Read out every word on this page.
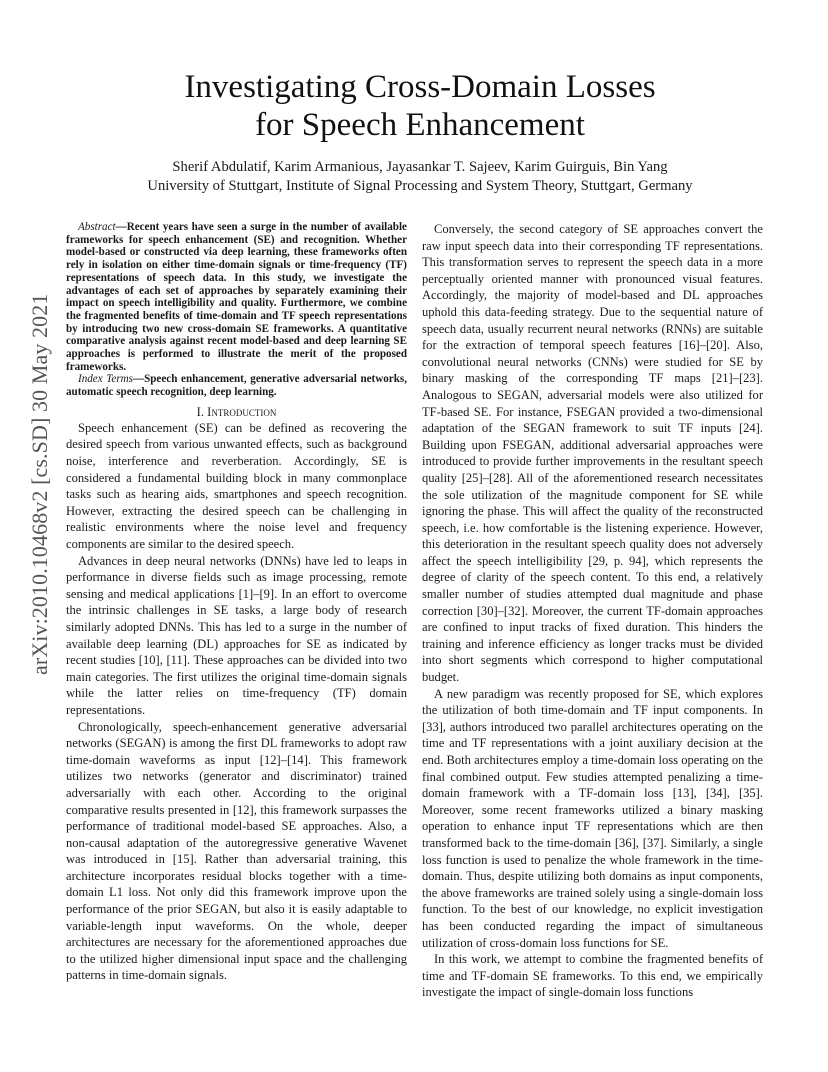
arXiv:2010.10468v2 [cs.SD] 30 May 2021
Investigating Cross-Domain Losses
for Speech Enhancement
Sherif Abdulatif, Karim Armanious, Jayasankar T. Sajeev, Karim Guirguis, Bin Yang
University of Stuttgart, Institute of Signal Processing and System Theory, Stuttgart, Germany

Abstract—Recent years have seen a surge in the number of available frameworks for speech enhancement (SE) and recognition. Whether model-based or constructed via deep learning, these frameworks often rely in isolation on either time-domain signals or time-frequency (TF) representations of speech data. In this study, we investigate the advantages of each set of approaches by separately examining their impact on speech intelligibility and quality. Furthermore, we combine the fragmented benefits of time-domain and TF speech representations by introducing two new cross-domain SE frameworks. A quantitative comparative analysis against recent model-based and deep learning SE approaches is performed to illustrate the merit of the proposed frameworks.

Index Terms—Speech enhancement, generative adversarial networks, automatic speech recognition, deep learning.

I. Introduction

Speech enhancement (SE) can be defined as recovering the desired speech from various unwanted effects, such as background noise, interference and reverberation. Accordingly, SE is considered a fundamental building block in many commonplace tasks such as hearing aids, smartphones and speech recognition. However, extracting the desired speech can be challenging in realistic environments where the noise level and frequency components are similar to the desired speech.

Advances in deep neural networks (DNNs) have led to leaps in performance in diverse fields such as image processing, remote sensing and medical applications [1]–[9]. In an effort to overcome the intrinsic challenges in SE tasks, a large body of research similarly adopted DNNs. This has led to a surge in the number of available deep learning (DL) approaches for SE as indicated by recent studies [10], [11]. These approaches can be divided into two main categories. The first utilizes the original time-domain signals while the latter relies on time-frequency (TF) domain representations.

Chronologically, speech-enhancement generative adversarial networks (SEGAN) is among the first DL frameworks to adopt raw time-domain waveforms as input [12]–[14]. This framework utilizes two networks (generator and discriminator) trained adversarially with each other. According to the original comparative results presented in [12], this framework surpasses the performance of traditional model-based SE approaches. Also, a non-causal adaptation of the autoregressive generative Wavenet was introduced in [15]. Rather than adversarial training, this architecture incorporates residual blocks together with a time-domain L1 loss. Not only did this framework improve upon the performance of the prior SEGAN, but also it is easily adaptable to variable-length input waveforms. On the whole, deeper architectures are necessary for the aforementioned approaches due to the utilized higher dimensional input space and the challenging patterns in time-domain signals.

Conversely, the second category of SE approaches convert the raw input speech data into their corresponding TF representations. This transformation serves to represent the speech data in a more perceptually oriented manner with pronounced visual features. Accordingly, the majority of model-based and DL approaches uphold this data-feeding strategy. Due to the sequential nature of speech data, usually recurrent neural networks (RNNs) are suitable for the extraction of temporal speech features [16]–[20]. Also, convolutional neural networks (CNNs) were studied for SE by binary masking of the corresponding TF maps [21]–[23]. Analogous to SEGAN, adversarial models were also utilized for TF-based SE. For instance, FSEGAN provided a two-dimensional adaptation of the SEGAN framework to suit TF inputs [24]. Building upon FSEGAN, additional adversarial approaches were introduced to provide further improvements in the resultant speech quality [25]–[28]. All of the aforementioned research necessitates the sole utilization of the magnitude component for SE while ignoring the phase. This will affect the quality of the reconstructed speech, i.e. how comfortable is the listening experience. However, this deterioration in the resultant speech quality does not adversely affect the speech intelligibility [29, p. 94], which represents the degree of clarity of the speech content. To this end, a relatively smaller number of studies attempted dual magnitude and phase correction [30]–[32]. Moreover, the current TF-domain approaches are confined to input tracks of fixed duration. This hinders the training and inference efficiency as longer tracks must be divided into short segments which correspond to higher computational budget.

A new paradigm was recently proposed for SE, which explores the utilization of both time-domain and TF input components. In [33], authors introduced two parallel architectures operating on the time and TF representations with a joint auxiliary decision at the end. Both architectures employ a time-domain loss operating on the final combined output. Few studies attempted penalizing a time-domain framework with a TF-domain loss [13], [34], [35]. Moreover, some recent frameworks utilized a binary masking operation to enhance input TF representations which are then transformed back to the time-domain [36], [37]. Similarly, a single loss function is used to penalize the whole framework in the time-domain. Thus, despite utilizing both domains as input components, the above frameworks are trained solely using a single-domain loss function. To the best of our knowledge, no explicit investigation has been conducted regarding the impact of simultaneous utilization of cross-domain loss functions for SE.

In this work, we attempt to combine the fragmented benefits of time and TF-domain SE frameworks. To this end, we empirically investigate the impact of single-domain loss functions
